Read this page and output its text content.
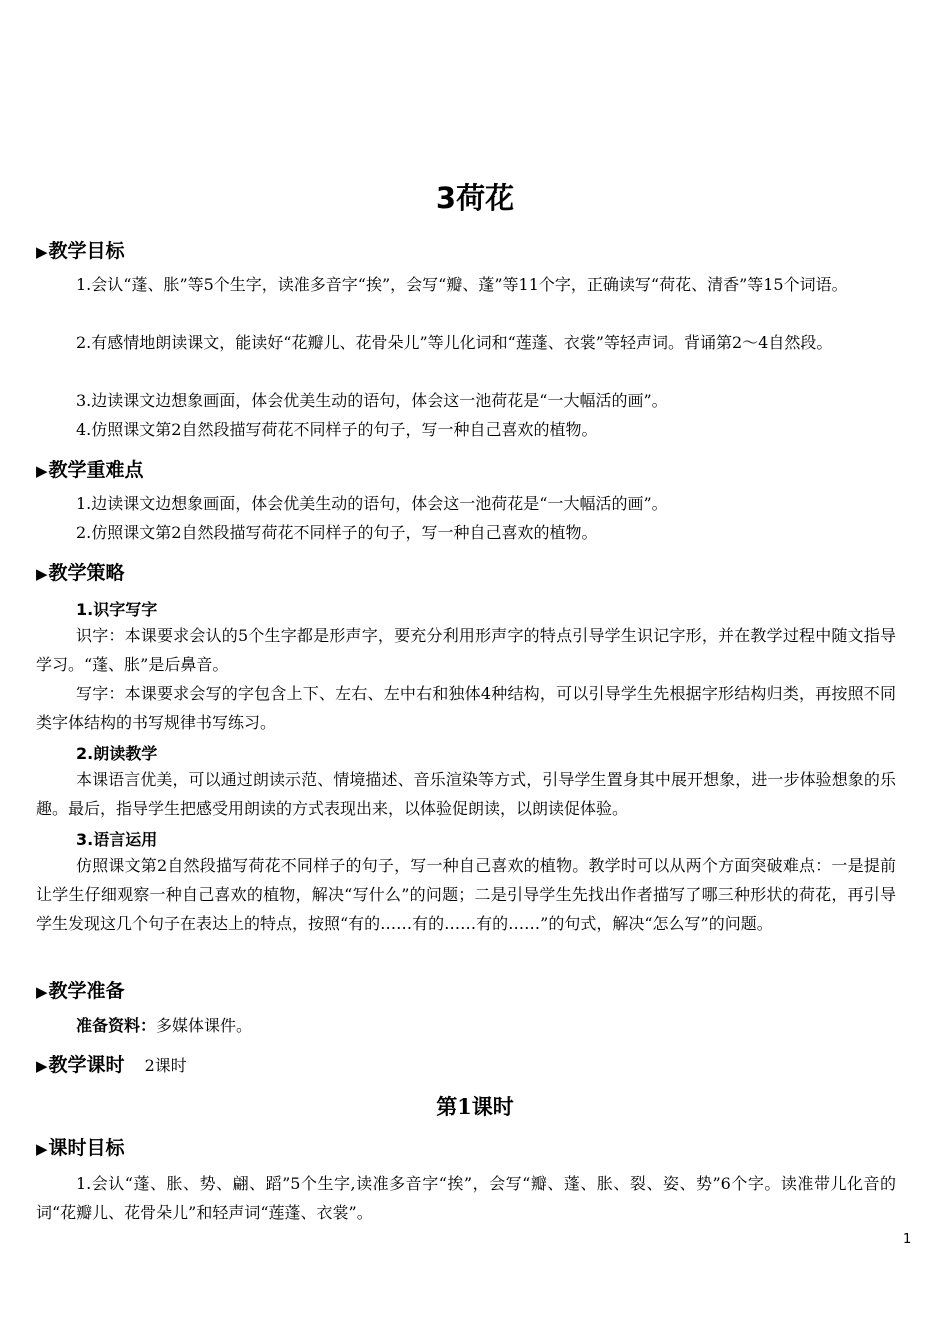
3荷花
▶教学目标
1.会认“蓬、胀”等5个生字，读准多音字“挨”，会写“瓣、蓬”等11个字，正确读写“荷花、清香”等15个词语。
2.有感情地朗读课文，能读好“花瓣儿、花骨朵儿”等儿化词和“莲蓬、衣裳”等轻声词。背诵第2～4自然段。
3.边读课文边想象画面，体会优美生动的语句，体会这一池荷花是“一大幅活的画”。
4.仿照课文第2自然段描写荷花不同样子的句子，写一种自己喜欢的植物。
▶教学重难点
1.边读课文边想象画面，体会优美生动的语句，体会这一池荷花是“一大幅活的画”。
2.仿照课文第2自然段描写荷花不同样子的句子，写一种自己喜欢的植物。
▶教学策略
1.识字写字
识字：本课要求会认的5个生字都是形声字，要充分利用形声字的特点引导学生识记字形，并在教学过程中随文指导学习。“蓬、胀”是后鼻音。
写字：本课要求会写的字包含上下、左右、左中右和独体4种结构，可以引导学生先根据字形结构归类，再按照不同类字体结构的书写规律书写练习。
2.朗读教学
本课语言优美，可以通过朗读示范、情境描述、音乐渲染等方式，引导学生置身其中展开想象，进一步体验想象的乐趣。最后，指导学生把感受用朗读的方式表现出来，以体验促朗读，以朗读促体验。
3.语言运用
仿照课文第2自然段描写荷花不同样子的句子，写一种自己喜欢的植物。教学时可以从两个方面突破难点：一是提前让学生仔细观察一种自己喜欢的植物，解决“写什么”的问题；二是引导学生先找出作者描写了哪三种形状的荷花，再引导学生发现这几个句子在表达上的特点，按照“有的……有的……有的……”的句式，解决“怎么写”的问题。
▶教学准备
准备资料：多媒体课件。
▶教学课时 2课时
第1课时
▶课时目标
1.会认“蓬、胀、势、翩、蹈”5个生字,读准多音字“挨”，会写“瓣、蓬、胀、裂、姿、势”6个字。读准带儿化音的词“花瓣儿、花骨朵儿”和轻声词“莲蓬、衣裳”。
1
